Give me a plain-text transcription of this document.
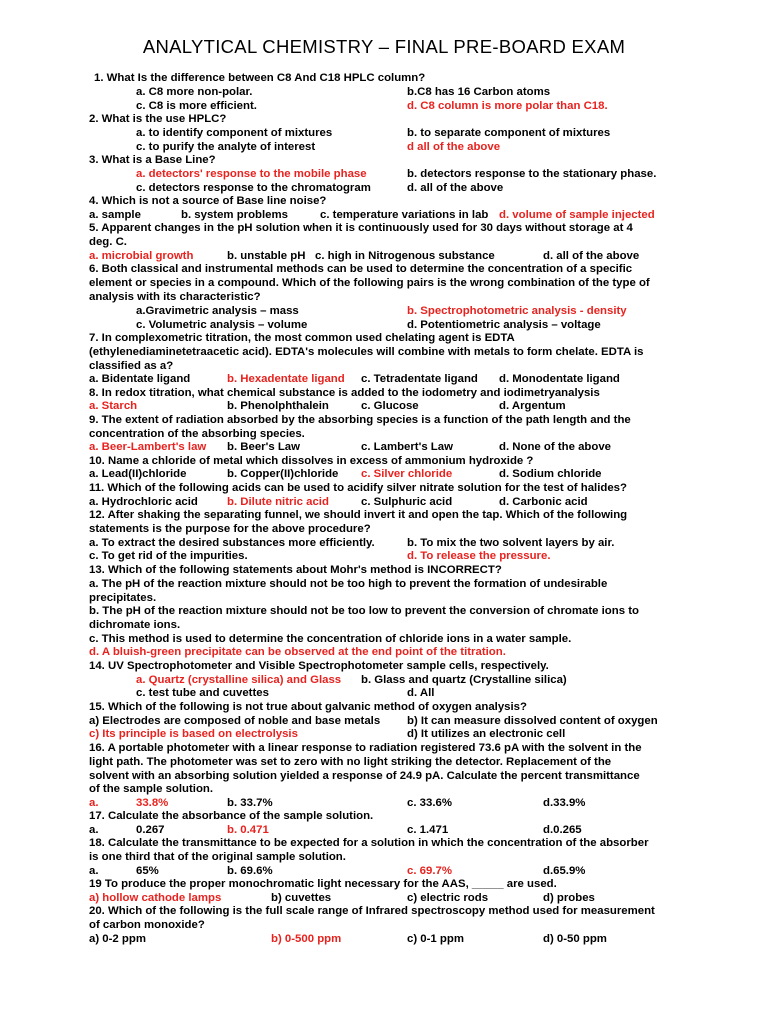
ANALYTICAL CHEMISTRY – FINAL PRE-BOARD EXAM
1. What Is the difference between C8 And C18 HPLC column?
2. What is the use HPLC?
3. What is a Base Line?
4. Which is not a source of Base line noise?
5. Apparent changes in the pH solution when it is continuously used for 30 days without storage at 4
deg. C.
6. Both classical and instrumental methods can be used to determine the concentration of a specific
element or species in a compound. Which of the following pairs is the wrong combination of the type of
analysis with its characteristic?
7. In complexometric titration, the most common used chelating agent is EDTA
(ethylenediaminetetraacetic acid). EDTA's molecules will combine with metals to form chelate. EDTA is
classified as a?
8. In redox titration, what chemical substance is added to the iodometry and iodimetryanalysis
9. The extent of radiation absorbed by the absorbing species is a function of the path length and the
concentration of the absorbing species.
10. Name a chloride of metal which dissolves in excess of ammonium hydroxide ?
11. Which of the following acids can be used to acidify silver nitrate solution for the test of halides?
12. After shaking the separating funnel, we should invert it and open the tap. Which of the following
statements is the purpose for the above procedure?
13. Which of the following statements about Mohr's method is INCORRECT?
a. The pH of the reaction mixture should not be too high to prevent the formation of undesirable
precipitates.
b. The pH of the reaction mixture should not be too low to prevent the conversion of chromate ions to
dichromate ions.
c. This method is used to determine the concentration of chloride ions in a water sample.
d. A bluish-green precipitate can be observed at the end point of the titration.
14. UV Spectrophotometer and Visible Spectrophotometer sample cells, respectively.
15. Which of the following is not true about galvanic method of oxygen analysis?
16. A portable photometer with a linear response to radiation registered 73.6 pA with the solvent in the
light path. The photometer was set to zero with no light striking the detector. Replacement of the
solvent with an absorbing solution yielded a response of 24.9 pA. Calculate the percent transmittance
of the sample solution.
17. Calculate the absorbance of the sample solution.
18. Calculate the transmittance to be expected for a solution in which the concentration of the absorber
is one third that of the original sample solution.
19 To produce the proper monochromatic light necessary for the AAS, _____ are used.
20. Which of the following is the full scale range of Infrared spectroscopy method used for measurement
of carbon monoxide?
a. C8 more non-polar.	b.C8 has 16 Carbon atoms
c. C8 is more efficient.	d. C8 column is more polar than C18.
a. to identify component of mixtures	b. to separate component of mixtures
c. to purify the analyte of interest	d all of the above
a. detectors' response to the mobile phase	b. detectors response to the stationary phase.
c. detectors response to the chromatogram	d. all of the above
a. sample	b. system problems	c. temperature variations in lab d. volume of sample injected
a. microbial growth	b. unstable pH c. high in Nitrogenous substance	d. all of the above
a.Gravimetric analysis – mass	b. Spectrophotometric analysis - density
c. Volumetric analysis – volume	d. Potentiometric analysis – voltage
a. Bidentate ligand	b. Hexadentate ligand c. Tetradentate ligand d. Monodentate ligand
a. Starch	b. Phenolphthalein	c. Glucose	d. Argentum
a. Beer-Lambert's law b. Beer's Law	c. Lambert's Law	d. None of the above
a. Lead(II)chloride	b. Copper(II)chloride c. Silver chloride	d. Sodium chloride
a. Hydrochloric acid	b. Dilute nitric acid	c. Sulphuric acid	d. Carbonic acid
a. To extract the desired substances more efficiently.	b. To mix the two solvent layers by air.
c. To get rid of the impurities.	d. To release the pressure.
a. Quartz (crystalline silica) and Glass b. Glass and quartz (Crystalline silica)
c. test tube and cuvettes	d. All
a) Electrodes are composed of noble and base metals b) It can measure dissolved content of oxygen
c) Its principle is based on electrolysis	d) It utilizes an electronic cell
a.	33.8%	b. 33.7%	c. 33.6%	d.33.9%
a.	0.267	b. 0.471	c. 1.471	d.0.265
a.	65%	b. 69.6%	c. 69.7%	d.65.9%
a) hollow cathode lamps	b) cuvettes	c) electric rods	d) probes
a) 0-2 ppm	b) 0-500 ppm	c) 0-1 ppm	d) 0-50 ppm
